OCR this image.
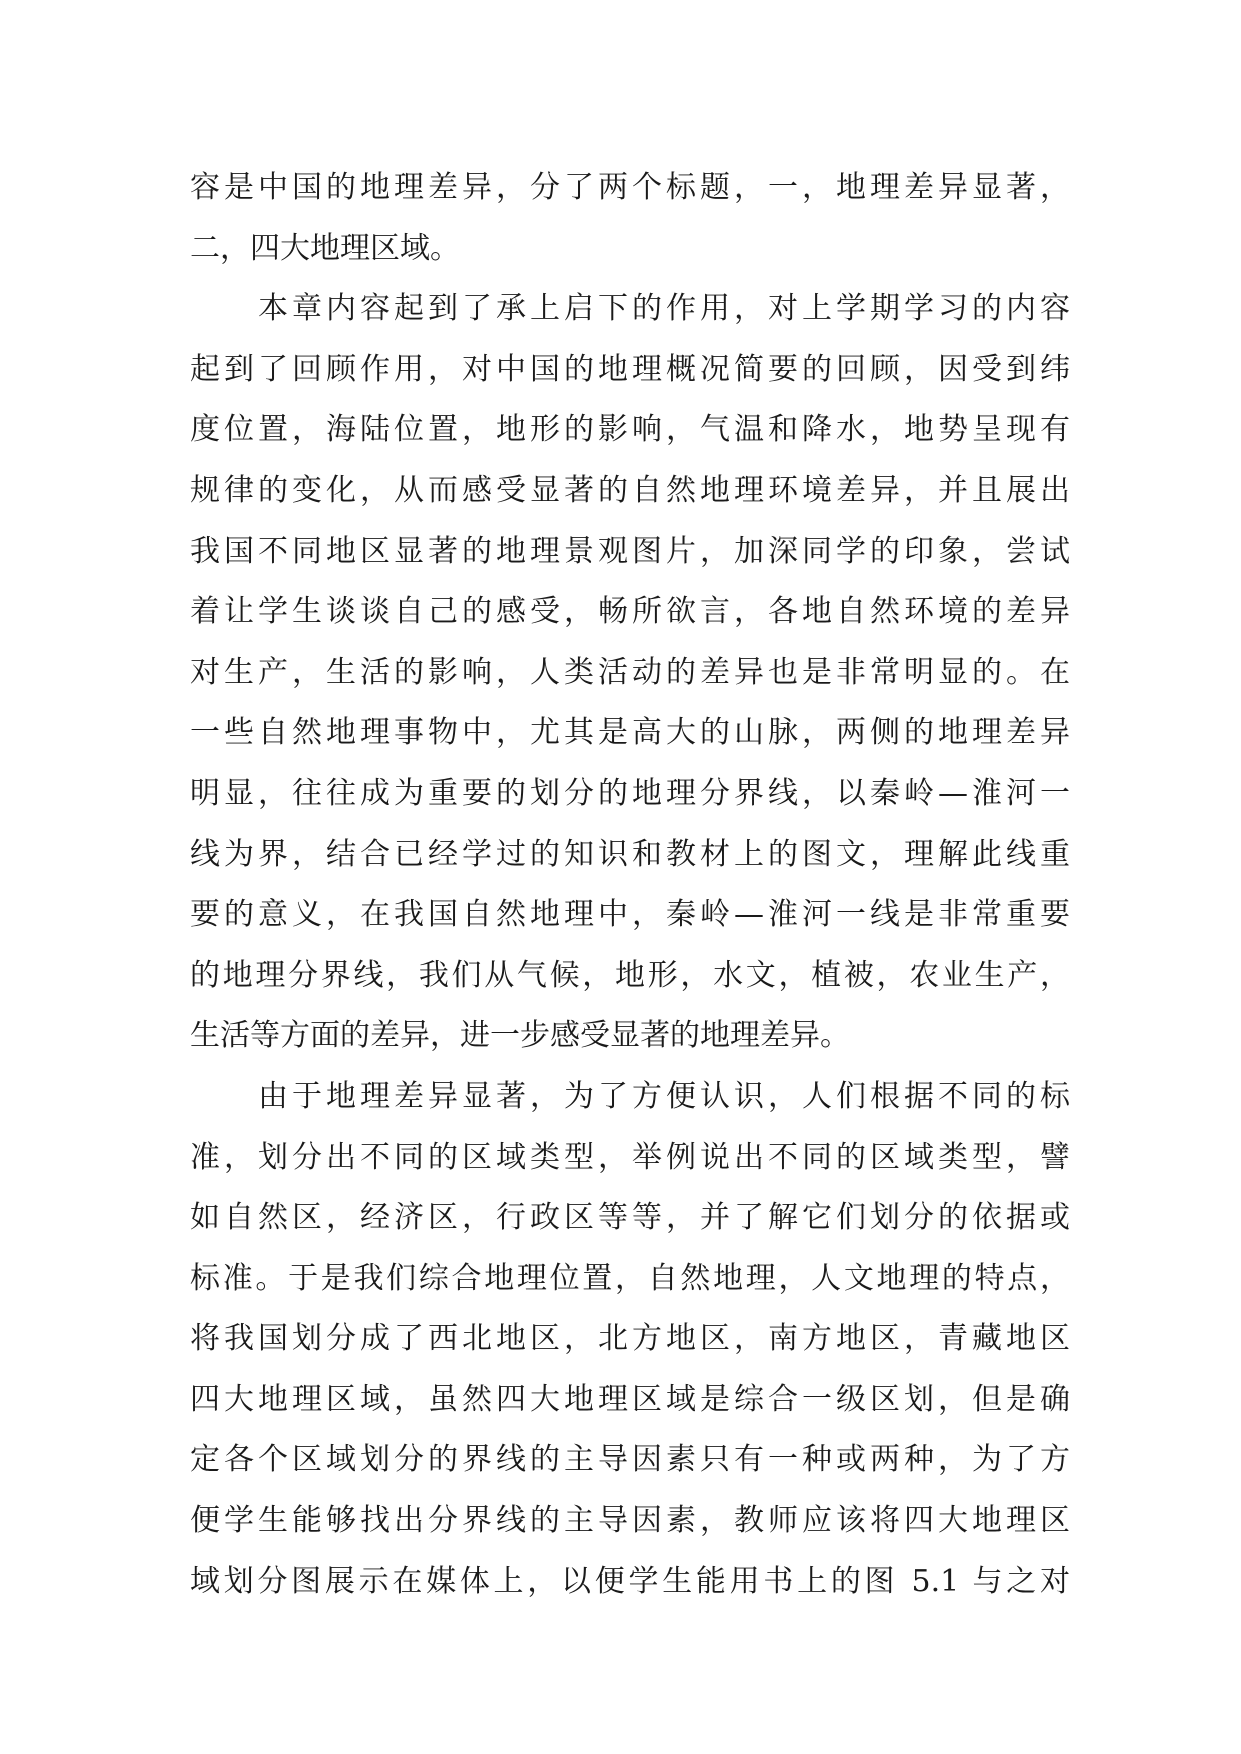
容是中国的地理差异，分了两个标题，一，地理差异显著，
二，四大地理区域。
本章内容起到了承上启下的作用，对上学期学习的内容
起到了回顾作用，对中国的地理概况简要的回顾，因受到纬
度位置，海陆位置，地形的影响，气温和降水，地势呈现有
规律的变化，从而感受显著的自然地理环境差异，并且展出
我国不同地区显著的地理景观图片，加深同学的印象，尝试
着让学生谈谈自己的感受，畅所欲言，各地自然环境的差异
对生产，生活的影响，人类活动的差异也是非常明显的。在
一些自然地理事物中，尤其是高大的山脉，两侧的地理差异
明显，往往成为重要的划分的地理分界线，以秦岭—淮河一
线为界，结合已经学过的知识和教材上的图文，理解此线重
要的意义，在我国自然地理中，秦岭—淮河一线是非常重要
的地理分界线，我们从气候，地形，水文，植被，农业生产，
生活等方面的差异，进一步感受显著的地理差异。
由于地理差异显著，为了方便认识，人们根据不同的标
准，划分出不同的区域类型，举例说出不同的区域类型，譬
如自然区，经济区，行政区等等，并了解它们划分的依据或
标准。于是我们综合地理位置，自然地理，人文地理的特点，
将我国划分成了西北地区，北方地区，南方地区，青藏地区
四大地理区域，虽然四大地理区域是综合一级区划，但是确
定各个区域划分的界线的主导因素只有一种或两种，为了方
便学生能够找出分界线的主导因素，教师应该将四大地理区
域划分图展示在媒体上，以便学生能用书上的图 5.1 与之对
